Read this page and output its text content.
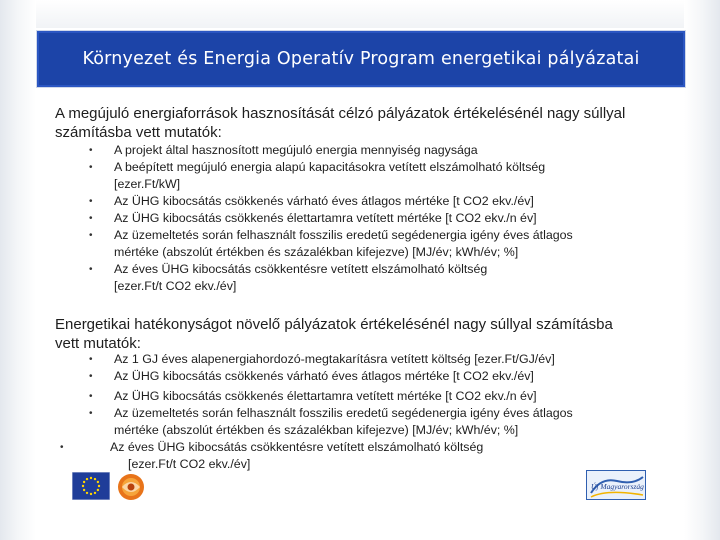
Környezet és Energia Operatív Program energetikai pályázatai
A megújuló energiaforrások hasznosítását célzó pályázatok értékelésénél nagy súllyal
számításba vett mutatók:
• A projekt által hasznosított megújuló energia mennyiség nagysága
• A beépített megújuló energia alapú kapacitásokra vetített elszámolható költség
[ezer.Ft/kW]
• Az ÜHG kibocsátás csökkenés várható éves átlagos mértéke [t CO2 ekv./év]
• Az ÜHG kibocsátás csökkenés élettartamra vetített mértéke [t CO2 ekv./n év]
• Az üzemeltetés során felhasznált fosszilis eredetű segédenergia igény éves átlagos
mértéke (abszolút értékben és százalékban kifejezve) [MJ/év; kWh/év; %]
• Az éves ÜHG kibocsátás csökkentésre vetített elszámolható költség
[ezer.Ft/t CO2 ekv./év]
Energetikai hatékonyságot növelő pályázatok értékelésénél nagy súllyal számításba
vett mutatók:
• Az 1 GJ éves alapenergiahordozó-megtakarításra vetített költség [ezer.Ft/GJ/év]
• Az ÜHG kibocsátás csökkenés várható éves átlagos mértéke [t CO2 ekv./év]
• Az ÜHG kibocsátás csökkenés élettartamra vetített mértéke [t CO2 ekv./n év]
• Az üzemeltetés során felhasznált fosszilis eredetű segédenergia igény éves átlagos
mértéke (abszolút értékben és százalékban kifejezve) [MJ/év; kWh/év; %]
•	Az éves ÜHG kibocsátás csökkentésre vetített elszámolható költség
[ezer.Ft/t CO2 ekv./év]
Új Magyarország
